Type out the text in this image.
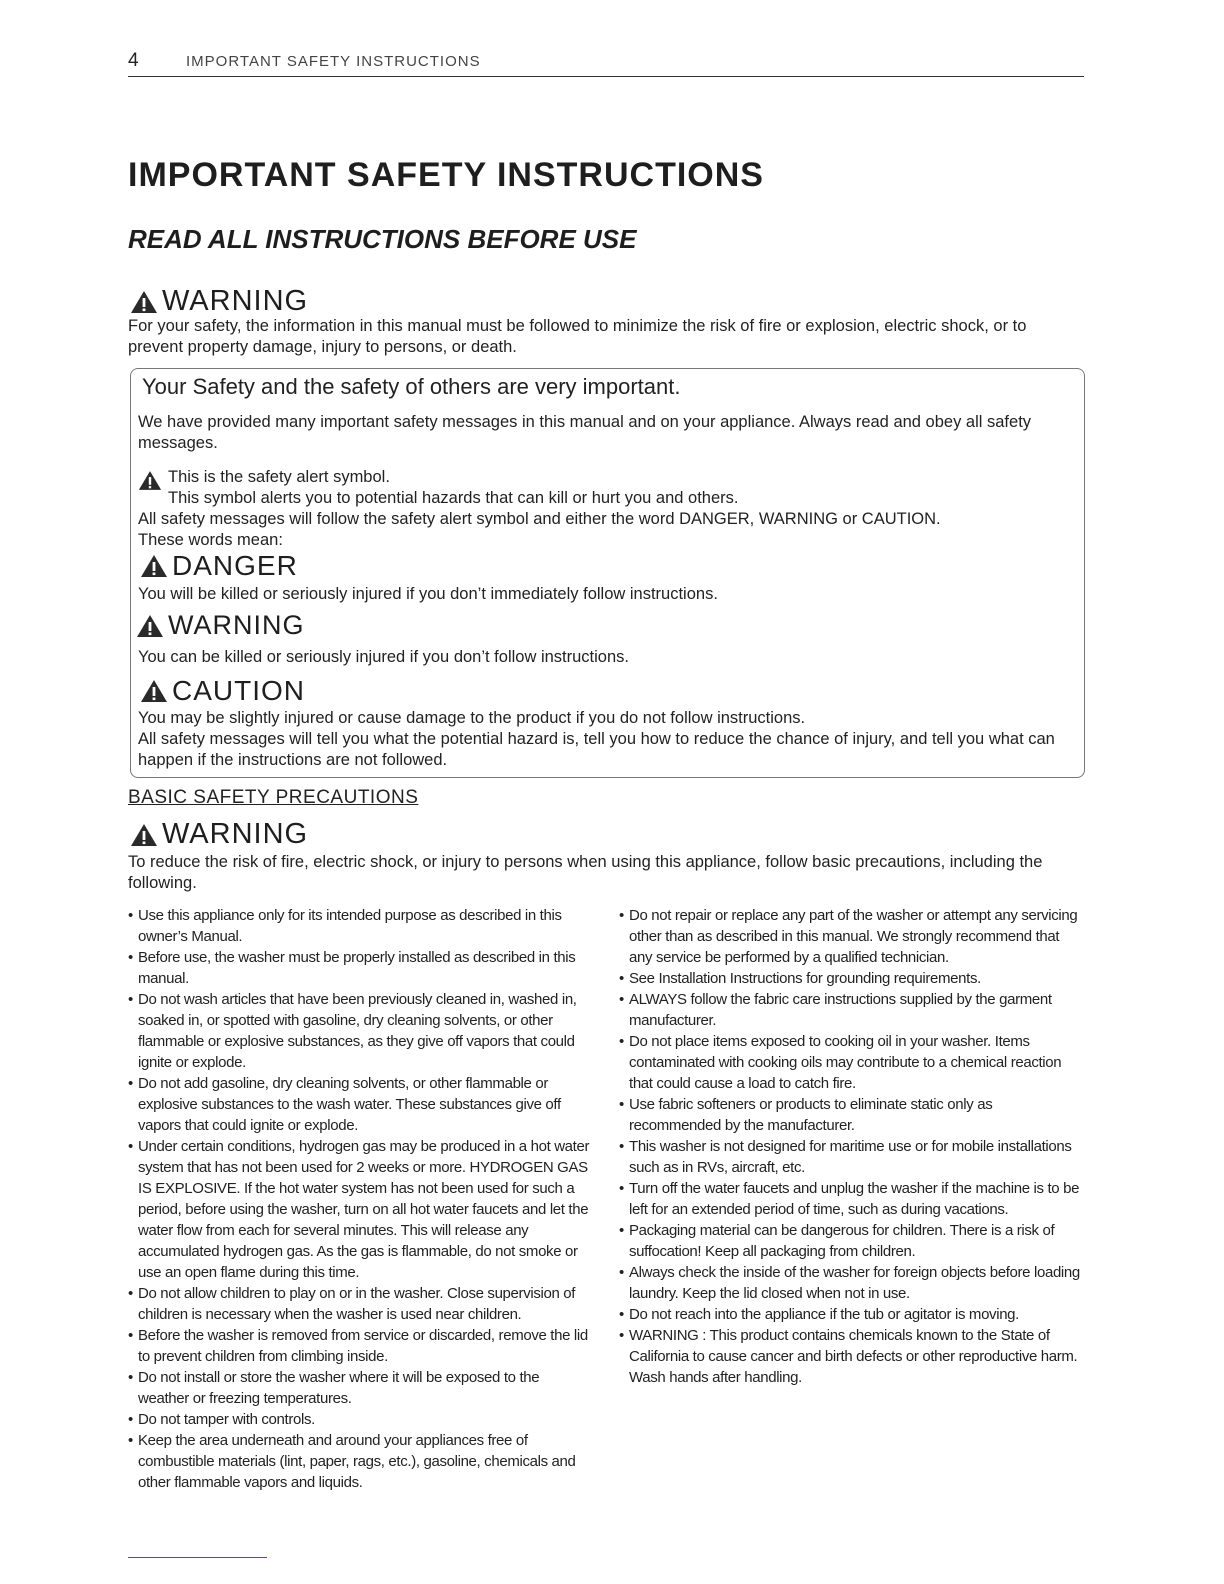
4	IMPORTANT SAFETY INSTRUCTIONS
IMPORTANT SAFETY INSTRUCTIONS
READ ALL INSTRUCTIONS BEFORE USE
WARNING

For your safety, the information in this manual must be followed to minimize the risk of fire or explosion, electric shock, or to prevent property damage, injury to persons, or death.

Your Safety and the safety of others are very important.

We have provided many important safety messages in this manual and on your appliance. Always read and obey all safety messages.

This is the safety alert symbol.

This symbol alerts you to potential hazards that can kill or hurt you and others.

All safety messages will follow the safety alert symbol and either the word DANGER, WARNING or CAUTION.

These words mean:

DANGER

You will be killed or seriously injured if you don’t immediately follow instructions.

WARNING

You can be killed or seriously injured if you don’t follow instructions.

CAUTION

You may be slightly injured or cause damage to the product if you do not follow instructions.

All safety messages will tell you what the potential hazard is, tell you how to reduce the chance of injury, and tell you what can happen if the instructions are not followed.

BASIC SAFETY PRECAUTIONS

WARNING

To reduce the risk of fire, electric shock, or injury to persons when using this appliance, follow basic precautions, including the following.

• Use this appliance only for its intended purpose as described in this owner’s Manual.
• Before use, the washer must be properly installed as described in this manual.
• Do not wash articles that have been previously cleaned in, washed in, soaked in, or spotted with gasoline, dry cleaning solvents, or other flammable or explosive substances, as they give off vapors that could ignite or explode.
• Do not add gasoline, dry cleaning solvents, or other flammable or explosive substances to the wash water. These substances give off vapors that could ignite or explode.
• Under certain conditions, hydrogen gas may be produced in a hot water system that has not been used for 2 weeks or more. HYDROGEN GAS IS EXPLOSIVE. If the hot water system has not been used for such a period, before using the washer, turn on all hot water faucets and let the water flow from each for several minutes. This will release any accumulated hydrogen gas. As the gas is flammable, do not smoke or use an open flame during this time.
• Do not allow children to play on or in the washer. Close supervision of children is necessary when the washer is used near children.
• Before the washer is removed from service or discarded, remove the lid to prevent children from climbing inside.
• Do not install or store the washer where it will be exposed to the weather or freezing temperatures.
• Do not tamper with controls.
• Keep the area underneath and around your appliances free of combustible materials (lint, paper, rags, etc.), gasoline, chemicals and other flammable vapors and liquids.
• Do not repair or replace any part of the washer or attempt any servicing other than as described in this manual. We strongly recommend that any service be performed by a qualified technician.
• See Installation Instructions for grounding requirements.
• ALWAYS follow the fabric care instructions supplied by the garment manufacturer.
• Do not place items exposed to cooking oil in your washer. Items contaminated with cooking oils may contribute to a chemical reaction that could cause a load to catch fire.
• Use fabric softeners or products to eliminate static only as recommended by the manufacturer.
• This washer is not designed for maritime use or for mobile installations such as in RVs, aircraft, etc.
• Turn off the water faucets and unplug the washer if the machine is to be left for an extended period of time, such as during vacations.
• Packaging material can be dangerous for children. There is a risk of suffocation! Keep all packaging from children.
• Always check the inside of the washer for foreign objects before loading laundry. Keep the lid closed when not in use.
• Do not reach into the appliance if the tub or agitator is moving.
• WARNING : This product contains chemicals known to the State of California to cause cancer and birth defects or other reproductive harm. Wash hands after handling.
